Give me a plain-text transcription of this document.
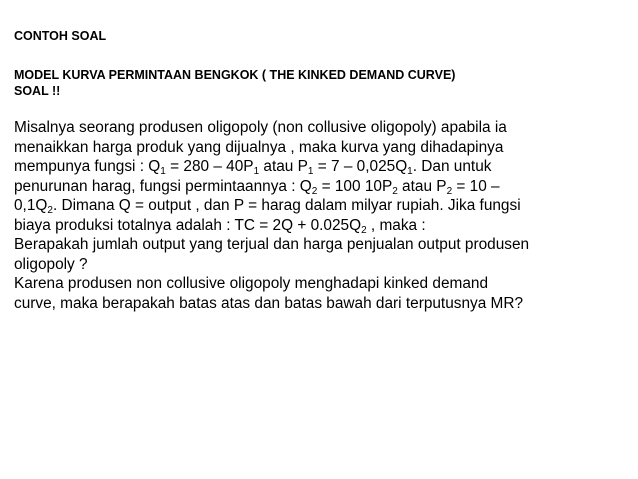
CONTOH SOAL
MODEL KURVA PERMINTAAN BENGKOK ( THE KINKED DEMAND CURVE)
SOAL !!
Misalnya seorang produsen oligopoly (non collusive oligopoly) apabila ia
menaikkan harga produk yang dijualnya , maka kurva yang dihadapinya
mempunya fungsi : $Q_1 = 280 - 40P_1$ atau $P_1 = 7 - 0,025Q_1$. Dan untuk
penurunan harag, fungsi permintaannya : $Q_2 = 100$ $10P_2$ atau $P_2 = 10$ –
$0,1Q_2$. Dimana Q = output , dan P = harag dalam milyar rupiah. Jika fungsi
biaya produksi totalnya adalah : TC = $2Q + 0.025Q_2$ , maka :
Berapakah jumlah output yang terjual dan harga penjualan output produsen
oligopoly ?
Karena produsen non collusive oligopoly menghadapi kinked demand
curve, maka berapakah batas atas dan batas bawah dari terputusnya MR?
